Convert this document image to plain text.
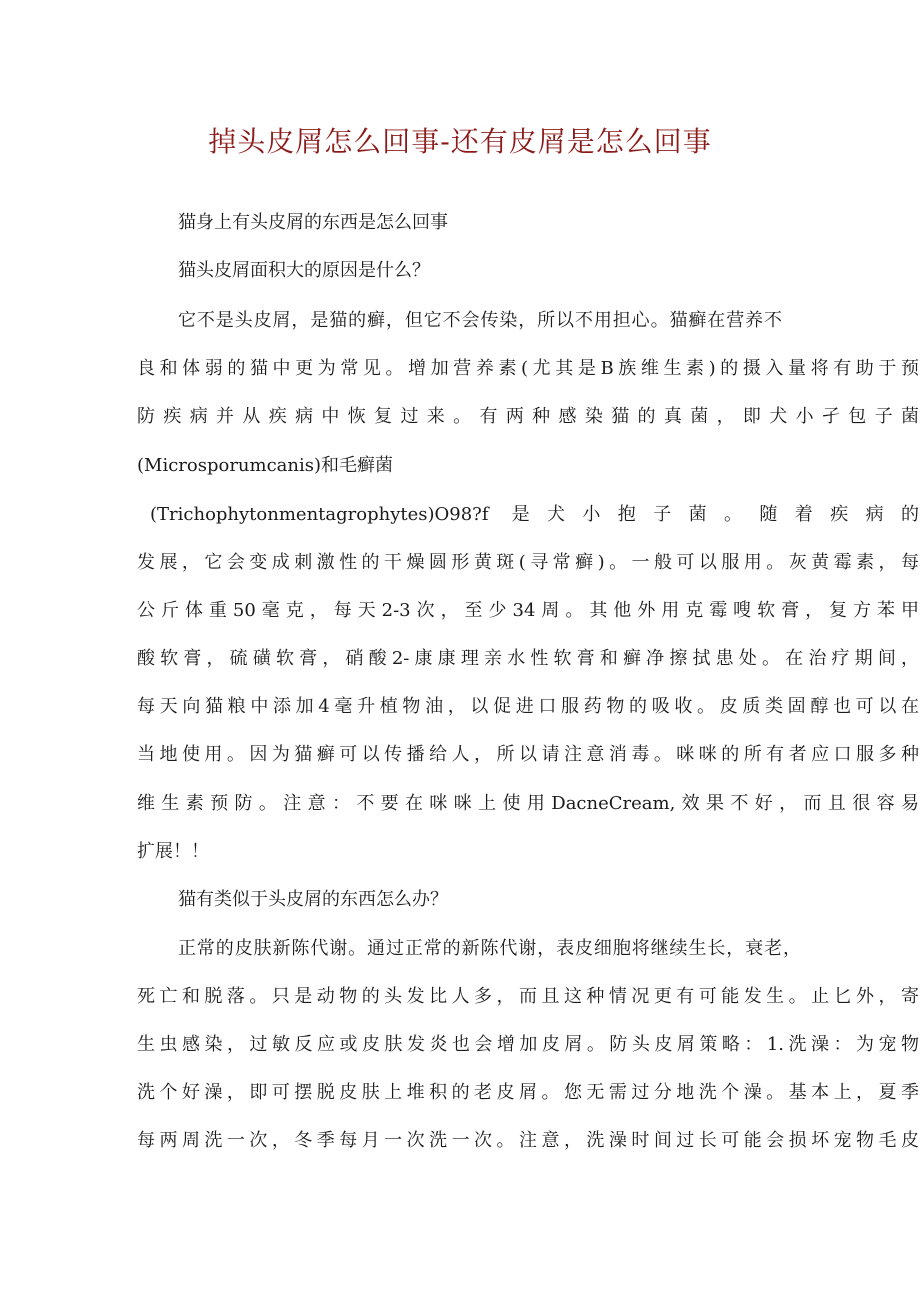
掉头皮屑怎么回事-还有皮屑是怎么回事
猫身上有头皮屑的东西是怎么回事
猫头皮屑面积大的原因是什么？
它不是头皮屑，是猫的癣，但它不会传染，所以不用担心。猫癣在营养不
良和体弱的猫中更为常见。增加营养素(尤其是B族维生素)的摄入量将有助于预
防疾病并从疾病中恢复过来。有两种感染猫的真菌，即犬小孑包子菌
(Microsporumcanis)和毛癣菌
(Trichophytonmentagrophytes)O98?f 是犬小抱子菌。随着疾病的
发展，它会变成刺激性的干燥圆形黄斑(寻常癣)。一般可以服用。灰黄霉素，每
公斤体重50毫克，每天2-3次，至少34周。其他外用克霉嗖软膏，复方苯甲
酸软膏，硫磺软膏，硝酸2-康康理亲水性软膏和癣净擦拭患处。在治疗期间，
每天向猫粮中添加4毫升植物油，以促进口服药物的吸收。皮质类固醇也可以在
当地使用。因为猫癣可以传播给人，所以请注意消毒。咪咪的所有者应口服多种
维生素预防。注意：不要在咪咪上使用DacneCream,效果不好，而且很容易
扩展！！
猫有类似于头皮屑的东西怎么办？
正常的皮肤新陈代谢。通过正常的新陈代谢，表皮细胞将继续生长，衰老，
死亡和脱落。只是动物的头发比人多，而且这种情况更有可能发生。止匕外，寄
生虫感染，过敏反应或皮肤发炎也会增加皮屑。防头皮屑策略：1.洗澡：为宠物
洗个好澡，即可摆脱皮肤上堆积的老皮屑。您无需过分地洗个澡。基本上，夏季
每两周洗一次，冬季每月一次洗一次。注意，洗澡时间过长可能会损坏宠物毛皮
